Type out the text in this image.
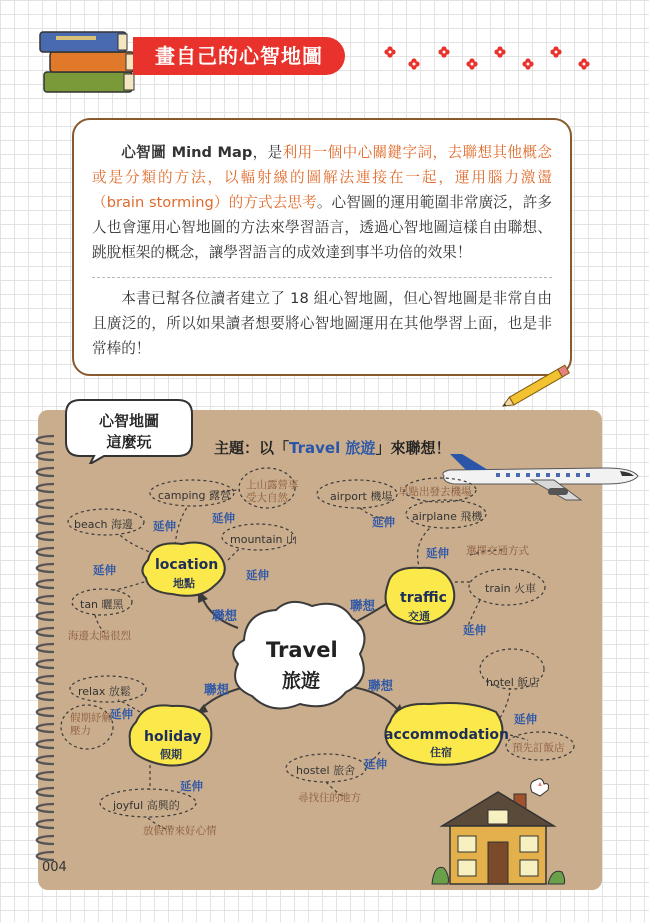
畫自己的心智地圖
心智圖 Mind Map，是利用一個中心關鍵字詞，去聯想其他概念或是分類的方法，以輻射線的圖解法連接在一起，運用腦力激盪（brain storming）的方式去思考。心智圖的運用範圍非常廣泛，許多人也會運用心智地圖的方法來學習語言，透過心智地圖這樣自由聯想、跳脫框架的概念，讓學習語言的成效達到事半功倍的效果！
本書已幫各位讀者建立了 18 組心智地圖，但心智地圖是非常自由且廣泛的，所以如果讀者想要將心智地圖運用在其他學習上面，也是非常棒的！
心智地圖
這麼玩	主題：以「Travel 旅遊」來聯想！
Travel
旅遊
location
地點
traffic
交通
holiday
假期
accommodation
住宿
聯想
聯想
聯想	聯想
延伸
延伸
延伸	延伸
延伸
延伸
延伸
延伸
延伸
延伸
延伸
camping 露營
beach 海邊
mountain 山
tan 曬黑
airport 機場
airplane 飛機
train 火車
relax 放鬆
joyful 高興的
hotel 飯店
hostel 旅舍
上山露營享受大自然
海邊太陽很烈
早點出發去機場
選擇交通方式
假期紓解壓力
放假帶來好心情
預先訂飯店
尋找住的地方
004
